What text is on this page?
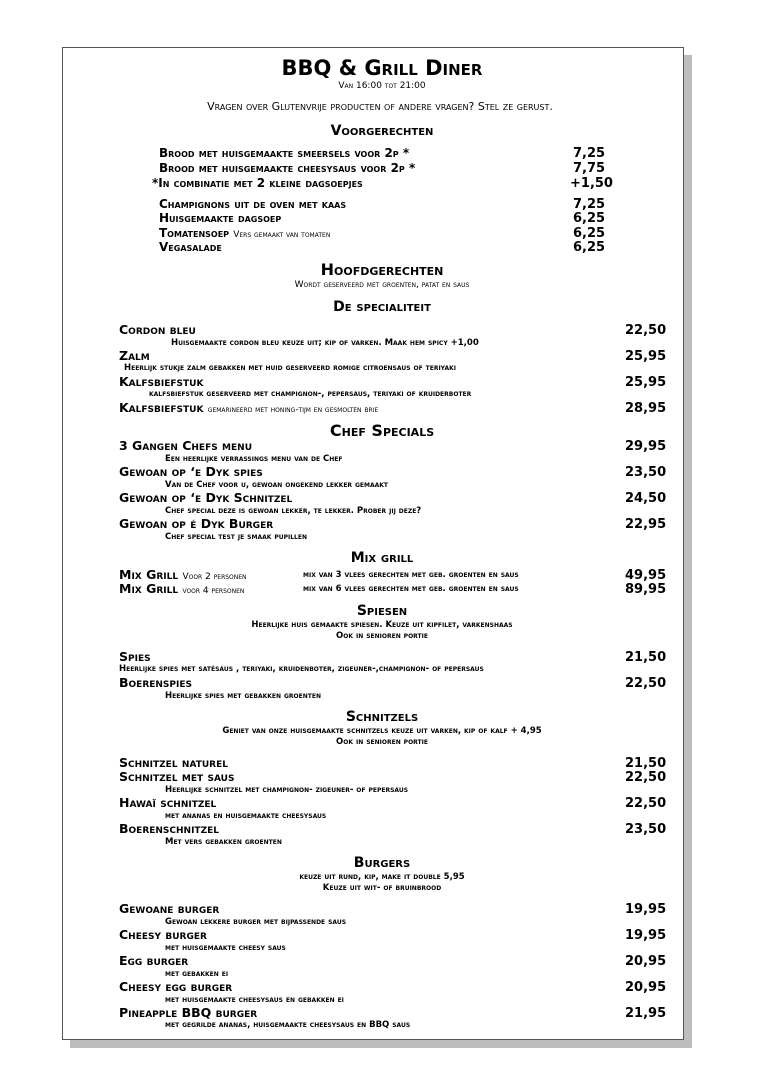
BBQ & Grill Diner
Van 16:00 tot 21:00
Vragen over Glutenvrije producten of andere vragen? Stel ze gerust.
Voorgerechten
Brood met huisgemaakte smeersels voor 2p *	7,25
Brood met huisgemaakte cheesysaus voor 2p *	7,75
*In combinatie met 2 kleine dagsoepjes	+1,50
Champignons uit de oven met kaas	7,25
Huisgemaakte dagsoep	6,25
Tomatensoep Vers gemaakt van tomaten	6,25
Vegasalade	6,25
Hoofdgerechten
Wordt geserveerd met groenten, patat en saus
De specialiteit
Cordon bleu	22,50
Huisgemaakte cordon bleu keuze uit; kip of varken. Maak hem spicy +1,00
Zalm	25,95
Heerlijk stukje zalm gebakken met huid geserveerd romige citroensaus of teriyaki
Kalfsbiefstuk	25,95
kalfsbiefstuk geserveerd met champignon-, pepersaus, teriyaki of kruiderboter
Kalfsbiefstuk gemarineerd met honing-tijm en gesmolten brie	28,95
Chef Specials
3 Gangen Chefs menu	29,95
Een heerlijke verrassings menu van de Chef
Gewoan op ‘e Dyk spies	23,50
Van de Chef voor u, gewoan ongekend lekker gemaakt
Gewoan op ‘e Dyk Schnitzel	24,50
Chef special deze is gewoan lekker, te lekker. Prober jij deze?
Gewoan op é Dyk Burger	22,95
Chef special test je smaak pupillen
Mix grill
Mix Grill Voor 2 personen	mix van 3 vlees gerechten met geb. groenten en saus	49,95
Mix Grill voor 4 personen	mix van 6 vlees gerechten met geb. groenten en saus	89,95
Spiesen
Heerlijke huis gemaakte spiesen. Keuze uit kipfilet, varkenshaas
Ook in senioren portie
Spies	21,50
Heerlijke spies met satésaus , teriyaki, kruidenboter, zigeuner-,champignon- of pepersaus
Boerenspies	22,50
Heerlijke spies met gebakken groenten
Schnitzels
Geniet van onze huisgemaakte schnitzels keuze uit varken, kip of kalf + 4,95
Ook in senioren portie
Schnitzel naturel	21,50
Schnitzel met saus	22,50
Heerlijke schnitzel met champignon- zigeuner- of pepersaus
Hawaï schnitzel	22,50
met ananas en huisgemaakte cheesysaus
Boerenschnitzel	23,50
Met vers gebakken groenten
Burgers
keuze uit rund, kip, make it double 5,95
Keuze uit wit- of bruinbrood
Gewoane burger	19,95
Gewoan lekkere burger met bijpassende saus
Cheesy burger	19,95
met huisgemaakte cheesy saus
Egg burger	20,95
met gebakken ei
Cheesy egg burger	20,95
met huisgemaakte cheesysaus en gebakken ei
Pineapple BBQ burger	21,95
met gegrilde ananas, huisgemaakte cheesysaus en BBQ saus
